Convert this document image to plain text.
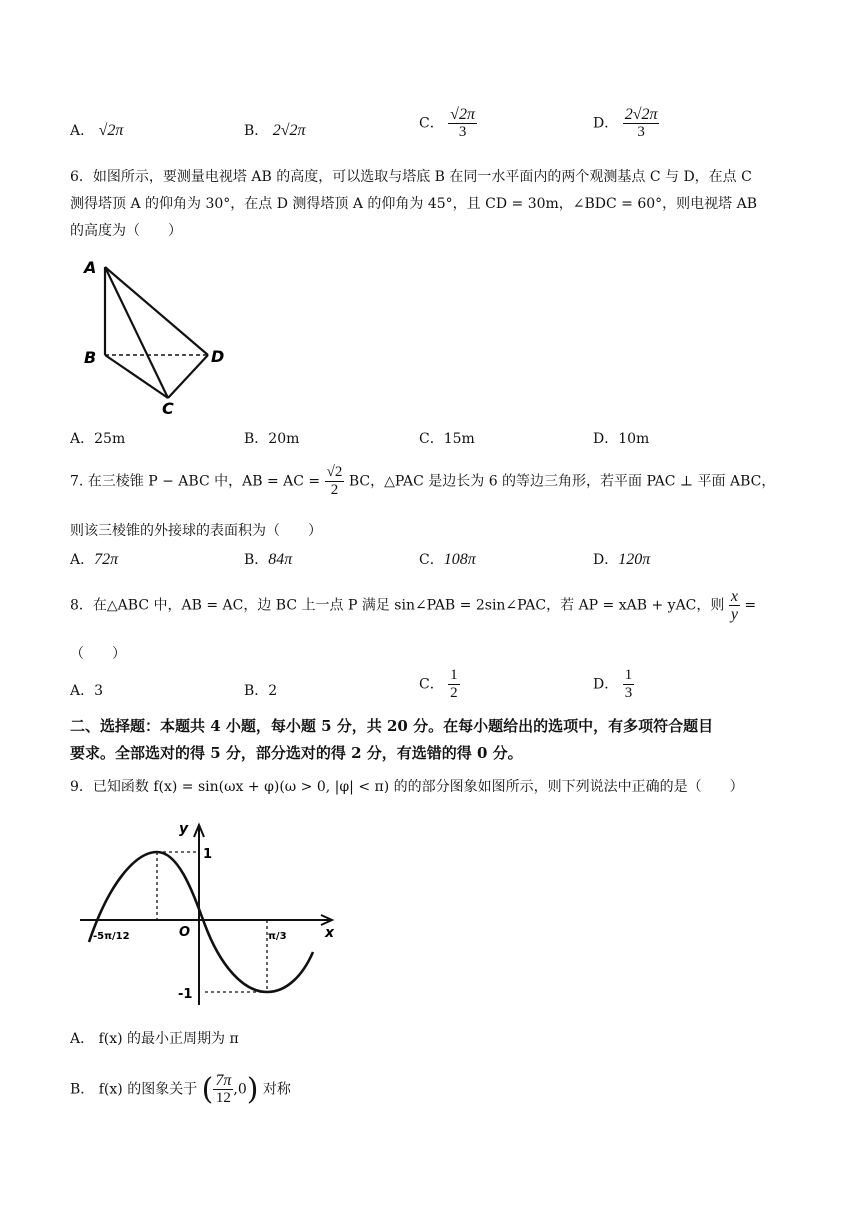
A． √2π	B． 2√2π	C． $\frac{√2\pi}{3}$	D． $\frac{2√2\pi}{3}$
6．如图所示，要测量电视塔 AB 的高度，可以选取与塔底 B 在同一水平面内的两个观测基点 C 与 D，在点 C
测得塔顶 A 的仰角为 30°，在点 D 测得塔顶 A 的仰角为 45°，且 CD = 30m，∠BDC = 60°，则电视塔 AB
的高度为（　　）
A
B	D
C
A．25m	B．20m	C．15m	D．10m
7. 在三棱锥 P − ABC 中，AB = AC = $\frac{√2}{2}$ BC，△PAC 是边长为 6 的等边三角形，若平面 PAC ⊥ 平面 ABC，
则该三棱锥的外接球的表面积为（　　）
A．72π	B．84π	C．108π	D．120π
8．在△ABC 中，AB = AC，边 BC 上一点 P 满足 sin∠PAB = 2sin∠PAC，若 AP = xAB + yAC，则 $\frac{x}{y}$ =
（　　）
A．3	B．2	C． $\frac{1}{2}$	D． $\frac{1}{3}$
二、选择题：本题共 4 小题，每小题 5 分，共 20 分。在每小题给出的选项中，有多项符合题目
要求。全部选对的得 5 分，部分选对的得 2 分，有选错的得 0 分。
9．已知函数 f(x) = sin(ωx + φ)(ω > 0, |φ| < π) 的的部分图象如图所示，则下列说法中正确的是（　　）
y
x
1
-1
O
-5π/12	π/3
A． f(x) 的最小正周期为 π
B． f(x) 的图象关于 ( $\frac{7\pi}{12} ,0$) 对称
